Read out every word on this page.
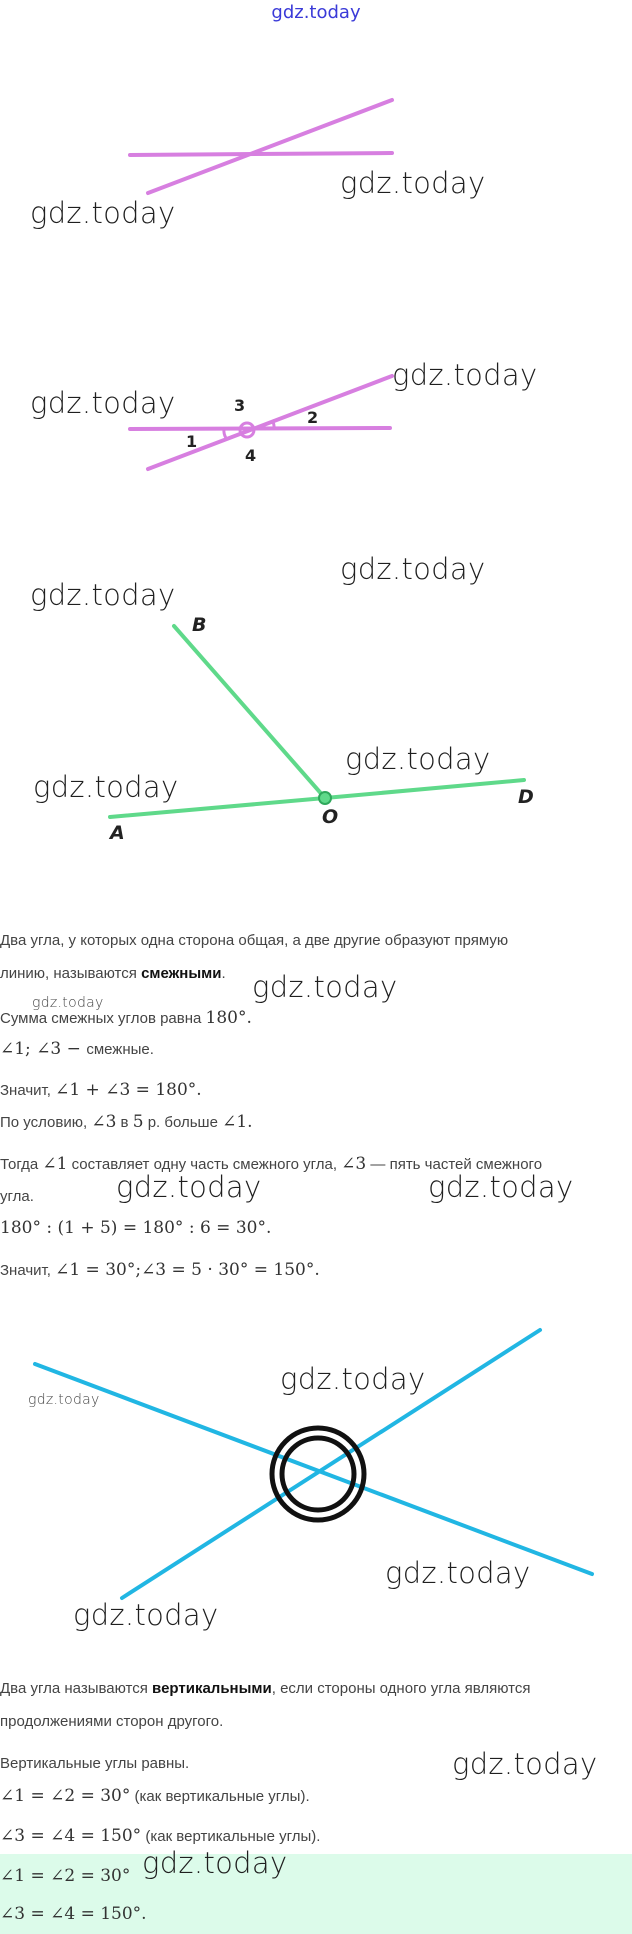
gdz.today
gdz.today
gdz.today
3
2
1
4
gdz.today
gdz.today
B
A
O
D
gdz.today
gdz.today
gdz.today
gdz.today
Два угла, у которых одна сторона общая, а две другие образуют прямую
линию, называются смежными. gdz.today
gdz.today
Сумма смежных углов равна 180°.
∠1; ∠3 − смежные.
Значит, ∠1 + ∠3 = 180°.
По условию, ∠3 в 5 р. больше ∠1.
Тогда ∠1 составляет одну часть смежного угла, ∠3 — пять частей смежного
угла.	gdz.today	gdz.today
180° : (1 + 5) = 180° : 6 = 30°.
Значит, ∠1 = 30°;∠3 = 5 · 30° = 150°.
gdz.today
gdz.today
gdz.today
gdz.today
Два угла называются вертикальными, если стороны одного угла являются
продолжениями сторон другого.
Вертикальные углы равны.	gdz.today
∠1 = ∠2 = 30° (как вертикальные углы).
∠3 = ∠4 = 150° (как вертикальные углы).
∠1 = ∠2 = 30° gdz.today
∠3 = ∠4 = 150°.
